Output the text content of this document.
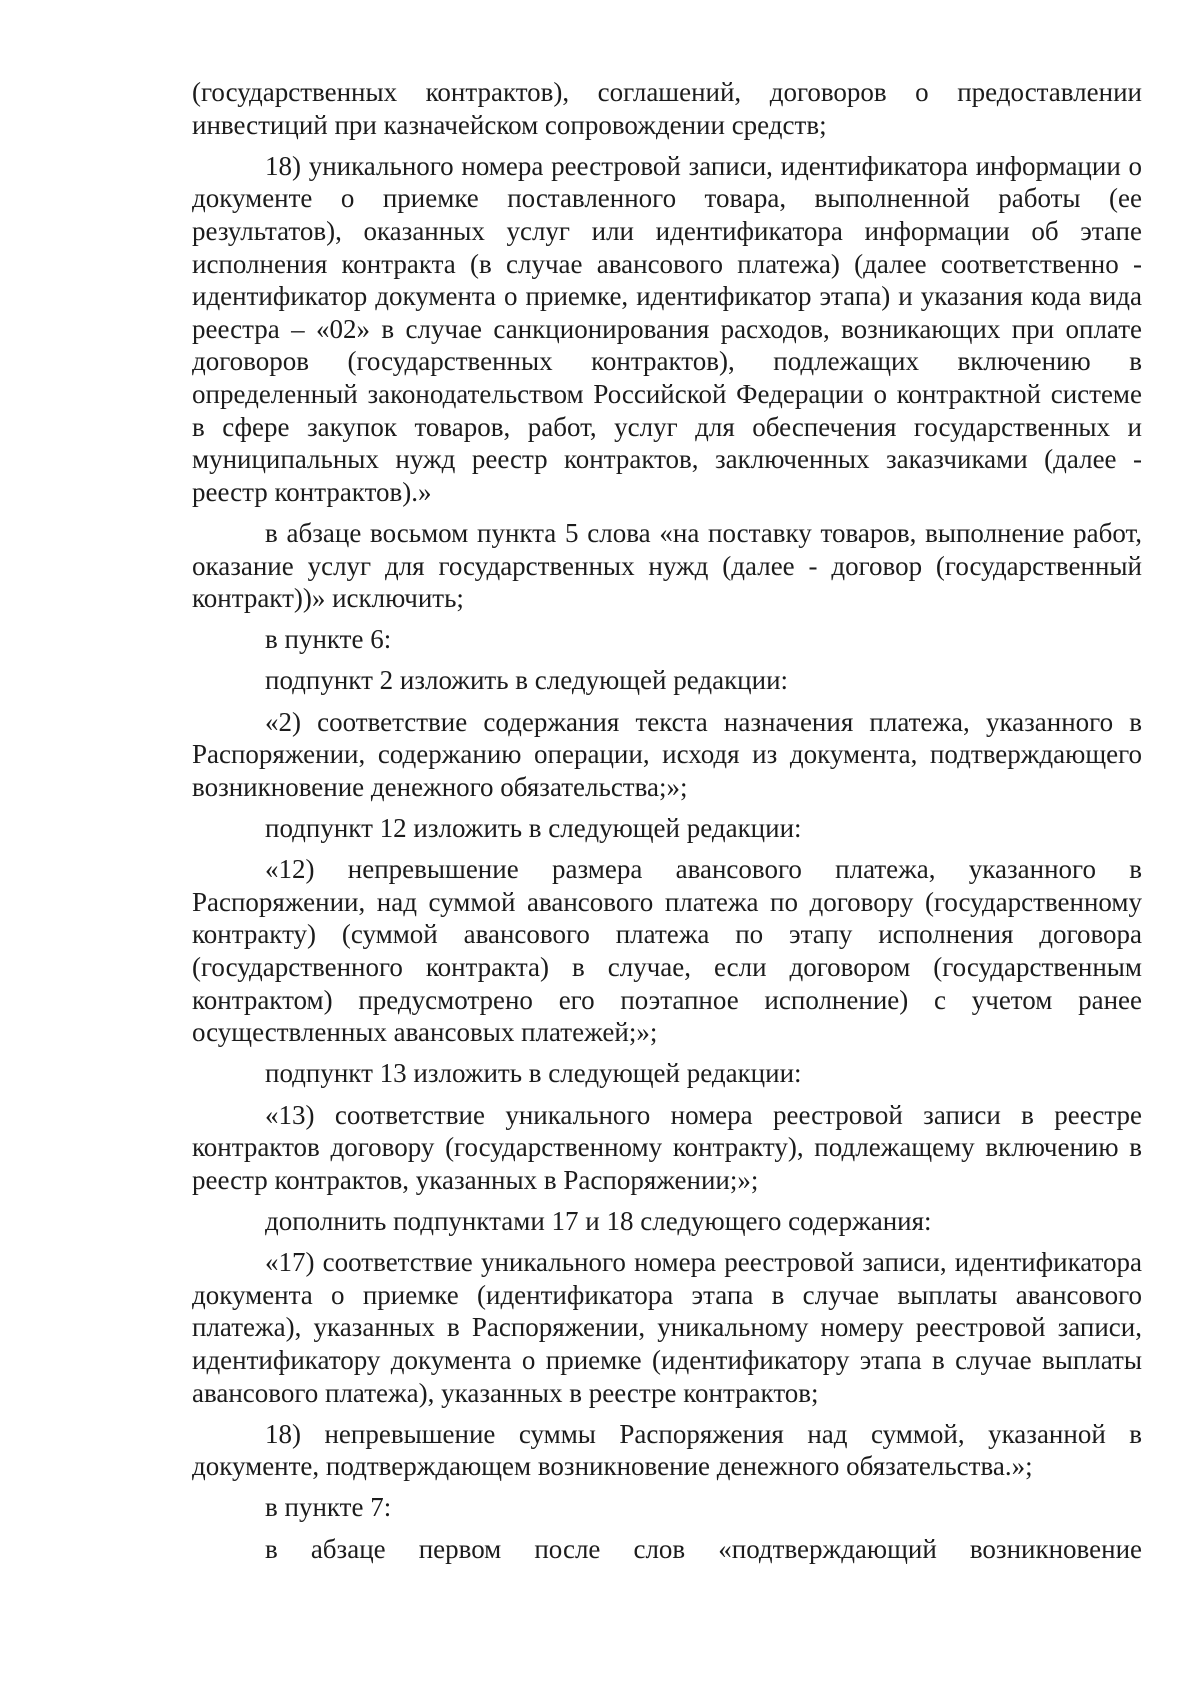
(государственных контрактов), соглашений, договоров о предоставлении инвестиций при казначейском сопровождении средств;

18) уникального номера реестровой записи, идентификатора информации о документе о приемке поставленного товара, выполненной работы (ее результатов), оказанных услуг или идентификатора информации об этапе исполнения контракта (в случае авансового платежа) (далее соответственно - идентификатор документа о приемке, идентификатор этапа) и указания кода вида реестра – «02» в случае санкционирования расходов, возникающих при оплате договоров (государственных контрактов), подлежащих включению в определенный законодательством Российской Федерации о контрактной системе в сфере закупок товаров, работ, услуг для обеспечения государственных и муниципальных нужд реестр контрактов, заключенных заказчиками (далее - реестр контрактов).»

в абзаце восьмом пункта 5 слова «на поставку товаров, выполнение работ, оказание услуг для государственных нужд (далее - договор (государственный контракт))» исключить;

в пункте 6:

подпункт 2 изложить в следующей редакции:

«2) соответствие содержания текста назначения платежа, указанного в Распоряжении, содержанию операции, исходя из документа, подтверждающего возникновение денежного обязательства;»;

подпункт 12 изложить в следующей редакции:

«12) непревышение размера авансового платежа, указанного в Распоряжении, над суммой авансового платежа по договору (государственному контракту) (суммой авансового платежа по этапу исполнения договора (государственного контракта) в случае, если договором (государственным контрактом) предусмотрено его поэтапное исполнение) с учетом ранее осуществленных авансовых платежей;»;

подпункт 13 изложить в следующей редакции:

«13) соответствие уникального номера реестровой записи в реестре контрактов договору (государственному контракту), подлежащему включению в реестр контрактов, указанных в Распоряжении;»;

дополнить подпунктами 17 и 18 следующего содержания:

«17) соответствие уникального номера реестровой записи, идентификатора документа о приемке (идентификатора этапа в случае выплаты авансового платежа), указанных в Распоряжении, уникальному номеру реестровой записи, идентификатору документа о приемке (идентификатору этапа в случае выплаты авансового платежа), указанных в реестре контрактов;

18) непревышение суммы Распоряжения над суммой, указанной в документе, подтверждающем возникновение денежного обязательства.»;

в пункте 7:

в абзаце первом после слов «подтверждающий возникновение
